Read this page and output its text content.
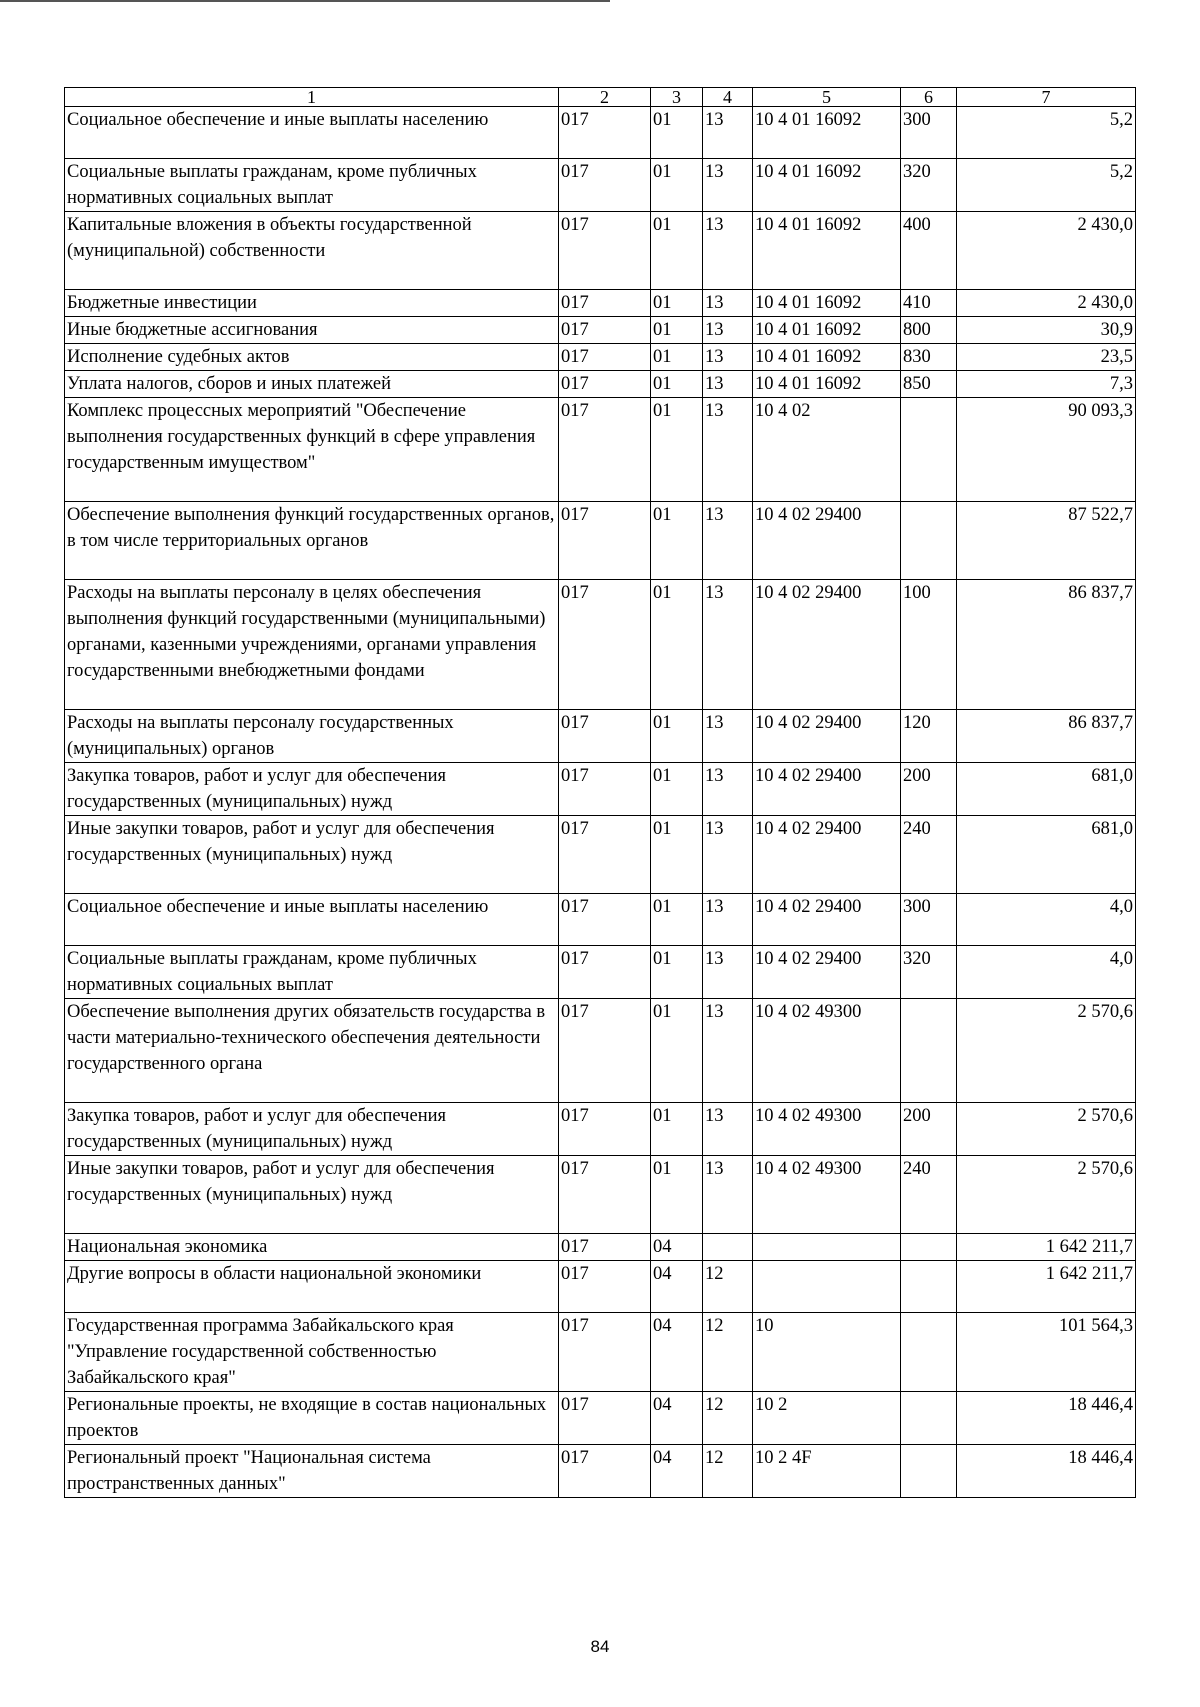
1	2	3	4	5	6	7
Социальное обеспечение и иные выплаты населению	017	01	13	10 4 01 16092	300	5,2
Социальные выплаты гражданам, кроме публичных нормативных социальных выплат	017	01	13	10 4 01 16092	320	5,2
Капитальные вложения в объекты государственной (муниципальной) собственности	017	01	13	10 4 01 16092	400	2 430,0
Бюджетные инвестиции	017	01	13	10 4 01 16092	410	2 430,0
Иные бюджетные ассигнования	017	01	13	10 4 01 16092	800	30,9
Исполнение судебных актов	017	01	13	10 4 01 16092	830	23,5
Уплата налогов, сборов и иных платежей	017	01	13	10 4 01 16092	850	7,3
Комплекс процессных мероприятий "Обеспечение выполнения государственных функций в сфере управления государственным имуществом"	017	01	13	10 4 02		90 093,3
Обеспечение выполнения функций государственных органов, в том числе территориальных органов	017	01	13	10 4 02 29400		87 522,7
Расходы на выплаты персоналу в целях обеспечения выполнения функций государственными (муниципальными) органами, казенными учреждениями, органами управления государственными внебюджетными фондами	017	01	13	10 4 02 29400	100	86 837,7
Расходы на выплаты персоналу государственных (муниципальных) органов	017	01	13	10 4 02 29400	120	86 837,7
Закупка товаров, работ и услуг для обеспечения государственных (муниципальных) нужд	017	01	13	10 4 02 29400	200	681,0
Иные закупки товаров, работ и услуг для обеспечения государственных (муниципальных) нужд	017	01	13	10 4 02 29400	240	681,0
Социальное обеспечение и иные выплаты населению	017	01	13	10 4 02 29400	300	4,0
Социальные выплаты гражданам, кроме публичных нормативных социальных выплат	017	01	13	10 4 02 29400	320	4,0
Обеспечение выполнения других обязательств государства в части материально-технического обеспечения деятельности государственного органа	017	01	13	10 4 02 49300		2 570,6
Закупка товаров, работ и услуг для обеспечения государственных (муниципальных) нужд	017	01	13	10 4 02 49300	200	2 570,6
Иные закупки товаров, работ и услуг для обеспечения государственных (муниципальных) нужд	017	01	13	10 4 02 49300	240	2 570,6
Национальная экономика	017	04				1 642 211,7
Другие вопросы в области национальной экономики	017	04	12			1 642 211,7
Государственная программа Забайкальского края "Управление государственной собственностью Забайкальского края"	017	04	12	10		101 564,3
Региональные проекты, не входящие в состав национальных проектов	017	04	12	10 2		18 446,4
Региональный проект "Национальная система пространственных данных"	017	04	12	10 2 4F		18 446,4
84
